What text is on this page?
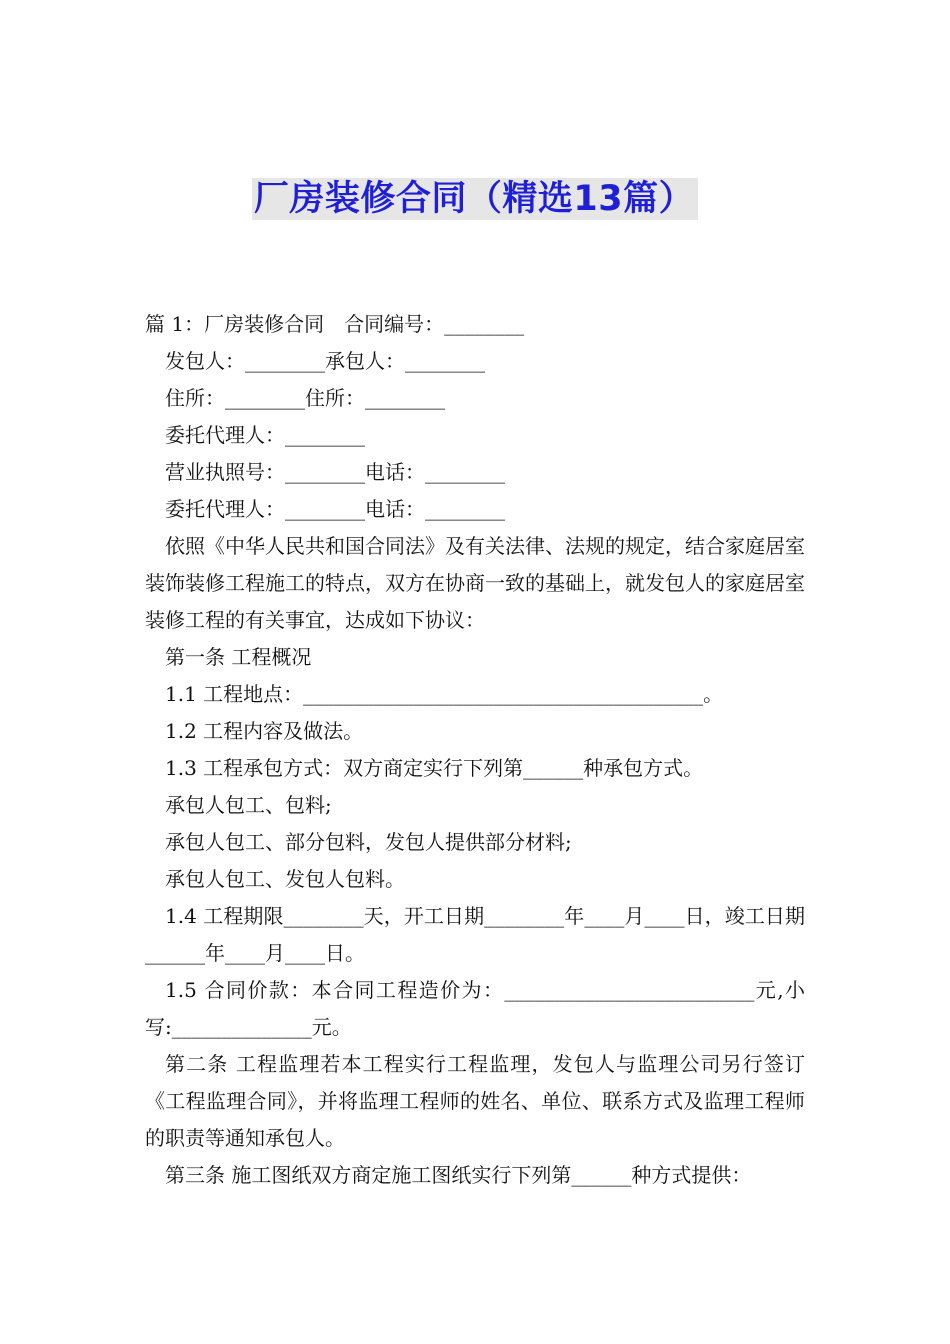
厂房装修合同（精选13篇）
篇 1：厂房装修合同　合同编号：________
发包人：________承包人：________
住所：________住所：________
委托代理人：________
营业执照号：________电话：________
委托代理人：________电话：________
依照《中华人民共和国合同法》及有关法律、法规的规定，结合家庭居室装饰装修工程施工的特点，双方在协商一致的基础上，就发包人的家庭居室装修工程的有关事宜，达成如下协议：
第一条 工程概况
1.1 工程地点：________________________________________。
1.2 工程内容及做法。
1.3 工程承包方式：双方商定实行下列第______种承包方式。
承包人包工、包料;
承包人包工、部分包料，发包人提供部分材料;
承包人包工、发包人包料。
1.4 工程期限________天，开工日期________年____月____日，竣工日期______年____月____日。
1.5 合同价款：本合同工程造价为：_________________________元,小写:______________元。
第二条 工程监理若本工程实行工程监理，发包人与监理公司另行签订《工程监理合同》，并将监理工程师的姓名、单位、联系方式及监理工程师的职责等通知承包人。
第三条 施工图纸双方商定施工图纸实行下列第______种方式提供：
